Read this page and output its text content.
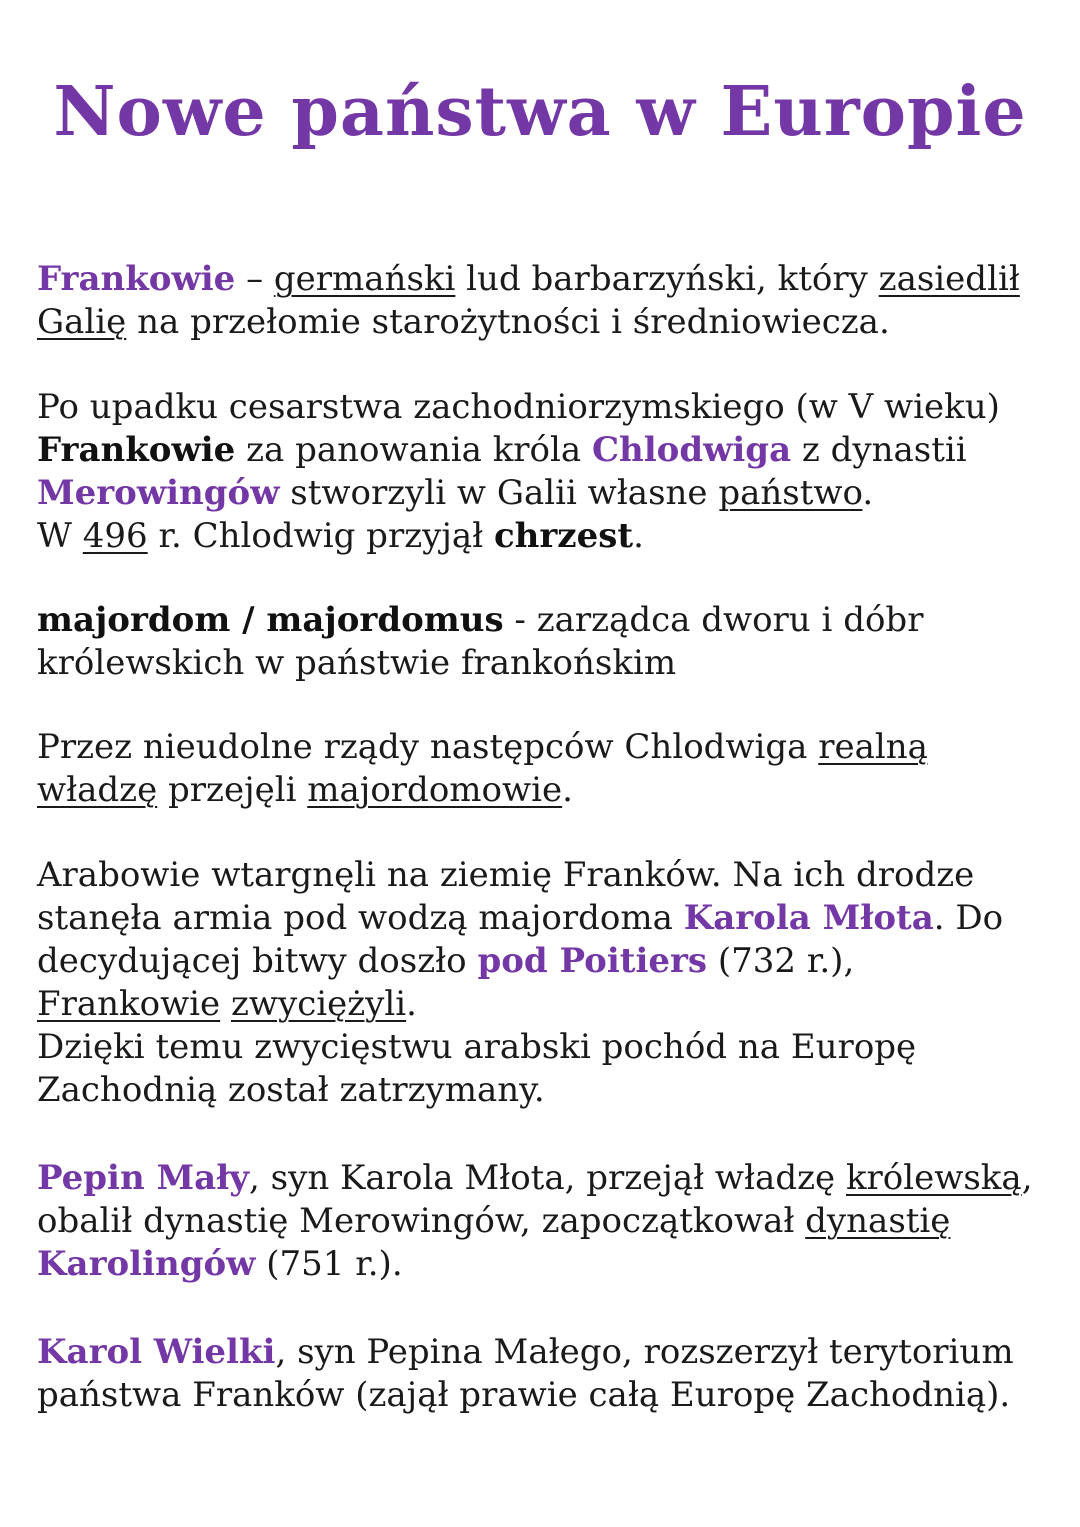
Nowe państwa w Europie

Frankowie – germański lud barbarzyński, który zasiedlił
Galię na przełomie starożytności i średniowiecza.

Po upadku cesarstwa zachodniorzymskiego (w V wieku)
Frankowie za panowania króla Chlodwiga z dynastii
Merowingów stworzyli w Galii własne państwo.
W 496 r. Chlodwig przyjął chrzest.

majordom / majordomus - zarządca dworu i dóbr
królewskich w państwie frankońskim

Przez nieudolne rządy następców Chlodwiga realną
władzę przejęli majordomowie.

Arabowie wtargnęli na ziemię Franków. Na ich drodze
stanęła armia pod wodzą majordoma Karola Młota. Do
decydującej bitwy doszło pod Poitiers (732 r.),
Frankowie zwyciężyli.
Dzięki temu zwycięstwu arabski pochód na Europę
Zachodnią został zatrzymany.

Pepin Mały, syn Karola Młota, przejął władzę królewską,
obalił dynastię Merowingów, zapoczątkował dynastię
Karolingów (751 r.).

Karol Wielki, syn Pepina Małego, rozszerzył terytorium
państwa Franków (zajął prawie całą Europę Zachodnią).
